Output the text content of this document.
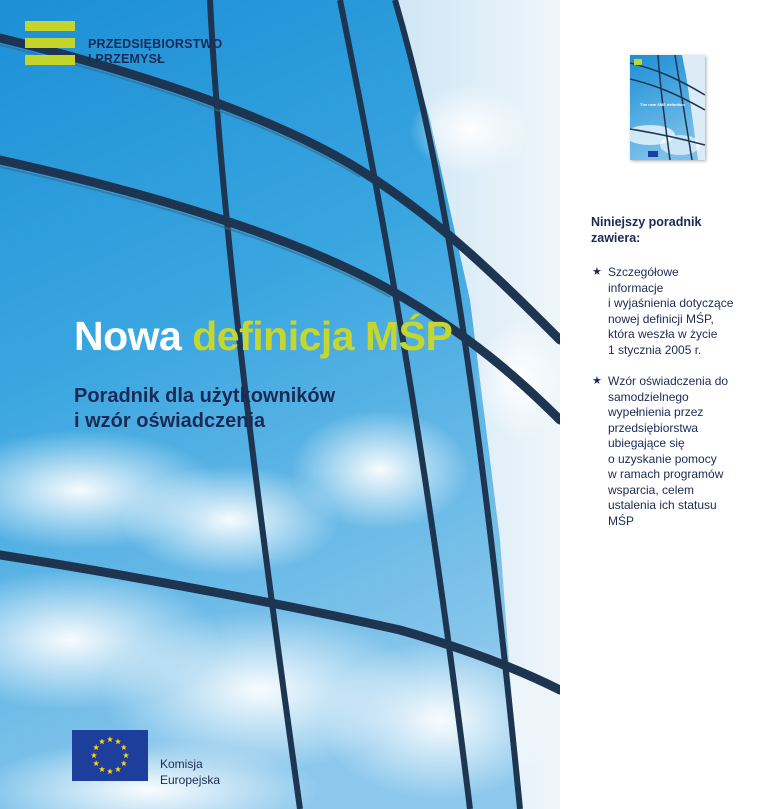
PRZEDSIĘBIORSTWO
I PRZEMYSŁ
Nowa definicja MŚP
Poradnik dla użytkowników
i wzór oświadczenia
Komisja
Europejska
The new SME definition
Niniejszy poradnik
zawiera:
★ Szczegółowe
informacje
i wyjaśnienia dotyczące
nowej definicji MŚP,
która weszła w życie
1 stycznia 2005 r.
★ Wzór oświadczenia do
samodzielnego
wypełnienia przez
przedsiębiorstwa
ubiegające się
o uzyskanie pomocy
w ramach programów
wsparcia, celem
ustalenia ich statusu
MŚP
